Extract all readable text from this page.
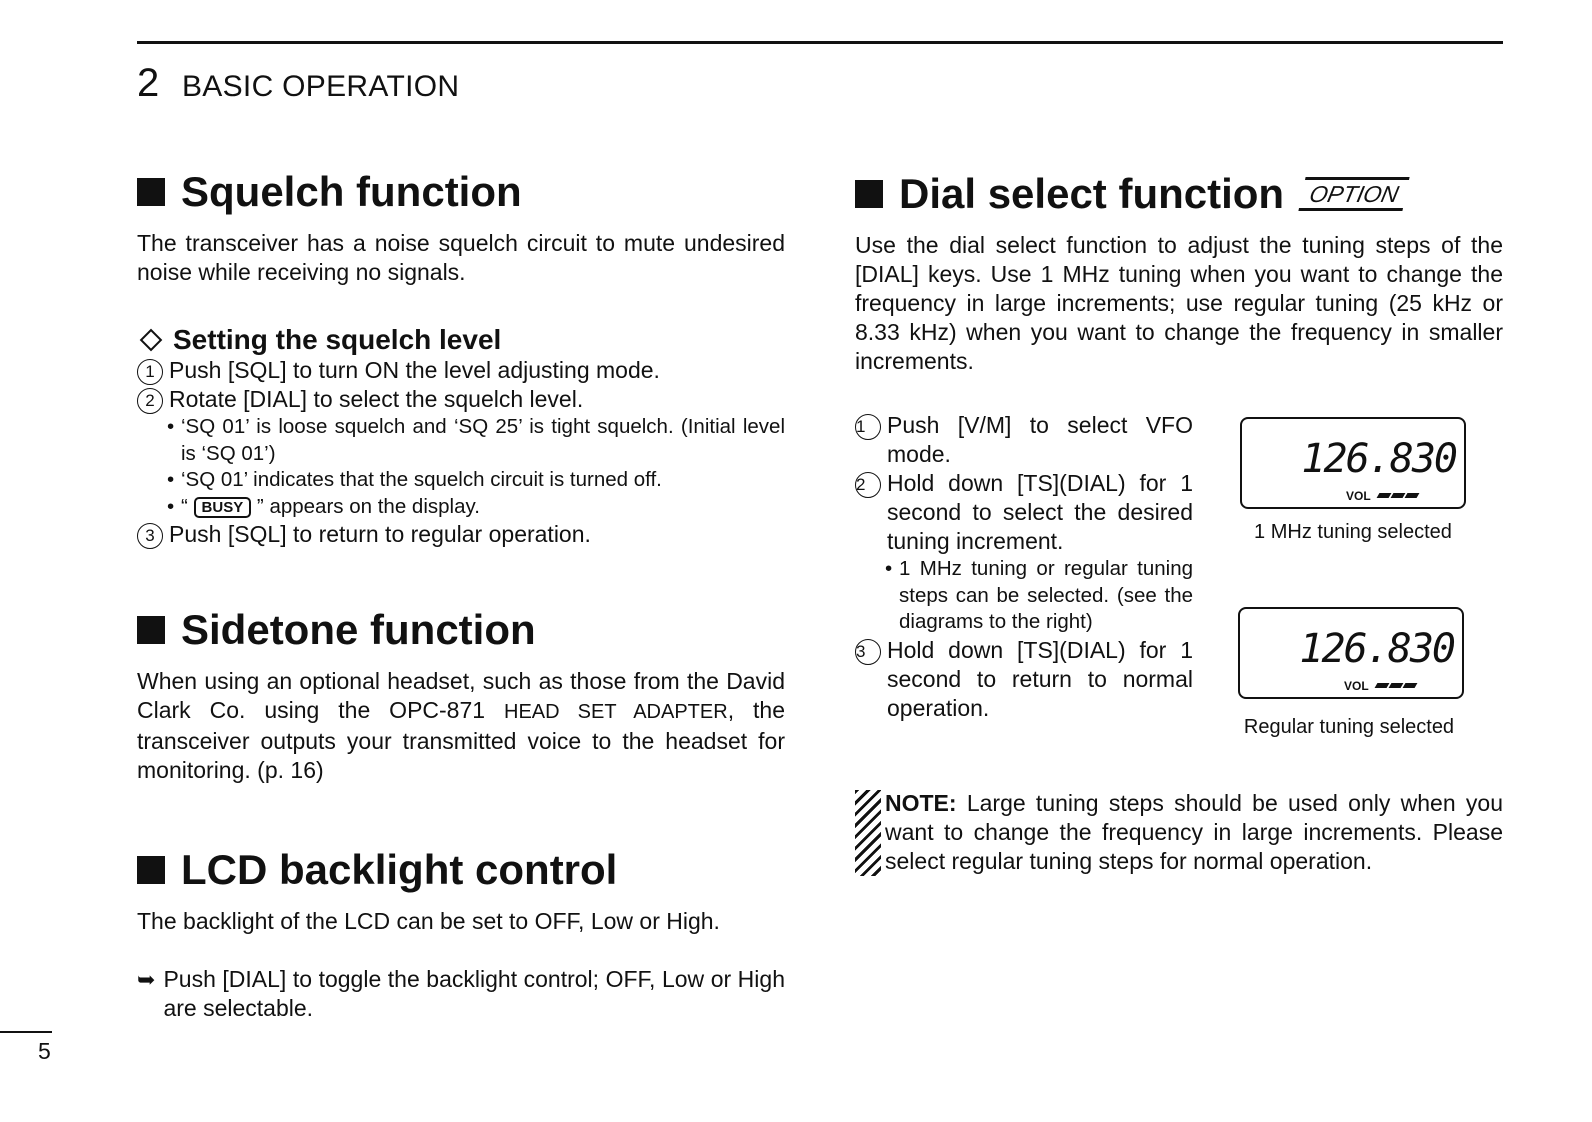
2 BASIC OPERATION
Squelch function
The transceiver has a noise squelch circuit to mute undesired noise while receiving no signals.
Setting the squelch level
1 Push [SQL] to turn ON the level adjusting mode.
2 Rotate [DIAL] to select the squelch level.
• ‘SQ 01’ is loose squelch and ‘SQ 25’ is tight squelch. (Initial level is ‘SQ 01’)
• ‘SQ 01’ indicates that the squelch circuit is turned off.
• “ BUSY ” appears on the display.
3 Push [SQL] to return to regular operation.
Sidetone function
When using an optional headset, such as those from the David Clark Co. using the OPC-871 HEAD SET ADAPTER, the transceiver outputs your transmitted voice to the headset for monitoring. (p. 16)
LCD backlight control
The backlight of the LCD can be set to OFF, Low or High.
➥ Push [DIAL] to toggle the backlight control; OFF, Low or High are selectable.
Dial select function	OPTION
Use the dial select function to adjust the tuning steps of the [DIAL] keys. Use 1 MHz tuning when you want to change the frequency in large increments; use regular tuning (25 kHz or 8.33 kHz) when you want to change the frequency in smaller increments.
1 Push [V/M] to select VFO mode.
2 Hold down [TS](DIAL) for 1 second to select the desired tuning increment.
• 1 MHz tuning or regular tuning steps can be selected. (see the diagrams to the right)
3 Hold down [TS](DIAL) for 1 second to return to normal operation.
126.830
VOL
1 MHz tuning selected
126.830
VOL
Regular tuning selected
NOTE: Large tuning steps should be used only when you want to change the frequency in large increments. Please select regular tuning steps for normal operation.
5
